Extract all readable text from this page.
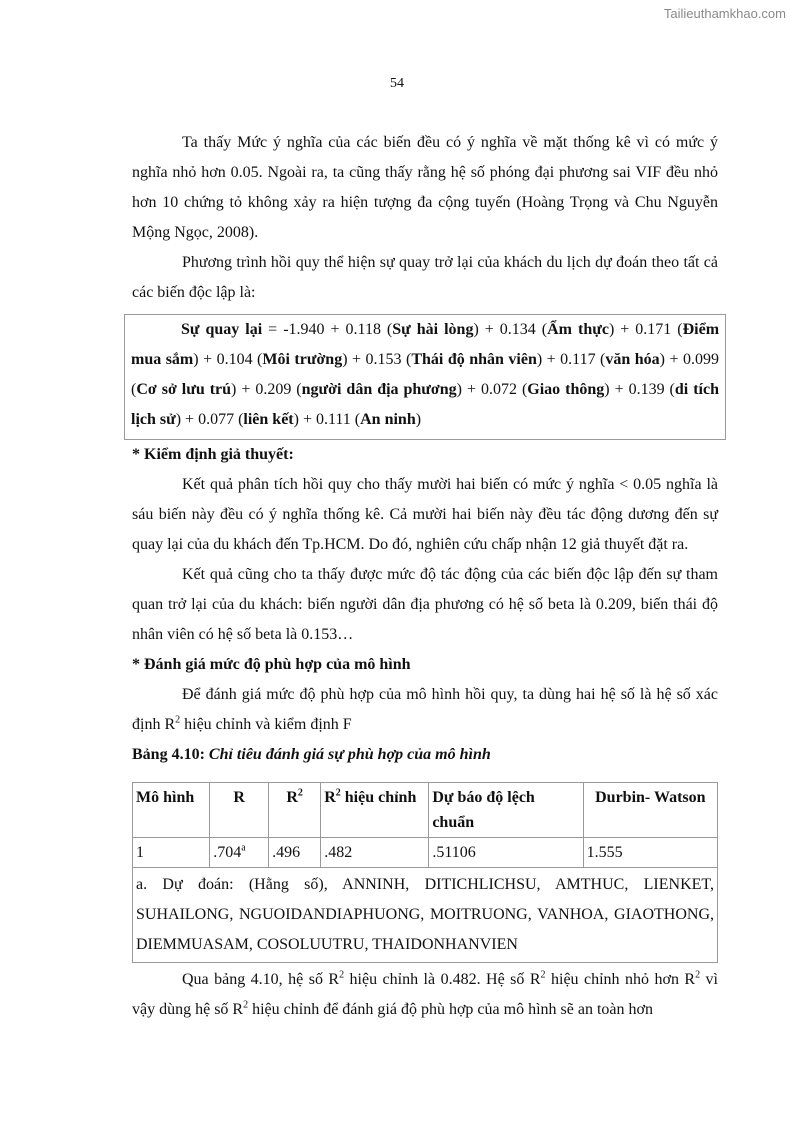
Tailieuthamkhao.com
54

Ta thấy Mức ý nghĩa của các biến đều có ý nghĩa về mặt thống kê vì có mức ý nghĩa nhỏ hơn 0.05. Ngoài ra, ta cũng thấy rằng hệ số phóng đại phương sai VIF đều nhỏ hơn 10 chứng tỏ không xảy ra hiện tượng đa cộng tuyến (Hoàng Trọng và Chu Nguyễn Mộng Ngọc, 2008).

Phương trình hồi quy thể hiện sự quay trở lại của khách du lịch dự đoán theo tất cả các biến độc lập là:

Sự quay lại = -1.940 + 0.118 (Sự hài lòng) + 0.134 (Ẩm thực) + 0.171 (Điểm mua sắm) + 0.104 (Môi trường) + 0.153 (Thái độ nhân viên) + 0.117 (văn hóa) + 0.099 (Cơ sở lưu trú) + 0.209 (người dân địa phương) + 0.072 (Giao thông) + 0.139 (di tích lịch sử) + 0.077 (liên kết) + 0.111 (An ninh)

* Kiểm định giả thuyết:

Kết quả phân tích hồi quy cho thấy mười hai biến có mức ý nghĩa < 0.05 nghĩa là sáu biến này đều có ý nghĩa thống kê. Cả mười hai biến này đều tác động dương đến sự quay lại của du khách đến Tp.HCM. Do đó, nghiên cứu chấp nhận 12 giả thuyết đặt ra.

Kết quả cũng cho ta thấy được mức độ tác động của các biến độc lập đến sự tham quan trở lại của du khách: biến người dân địa phương có hệ số beta là 0.209, biến thái độ nhân viên có hệ số beta là 0.153…

* Đánh giá mức độ phù hợp của mô hình

Để đánh giá mức độ phù hợp của mô hình hồi quy, ta dùng hai hệ số là hệ số xác định $R^2$ hiệu chỉnh và kiểm định F

Bảng 4.10: Chỉ tiêu đánh giá sự phù hợp của mô hình

Mô hình	R	$R^2$	$R^2$ hiệu chỉnh	Dự báo độ lệch chuẩn	Durbin- Watson
1	.704$^a$	.496	.482	.51106	1.555
a. Dự đoán: (Hằng số), ANNINH, DITICHLICHSU, AMTHUC, LIENKET, SUHAILONG, NGUOIDANDIAPHUONG, MOITRUONG, VANHOA, GIAOTHONG, DIEMMUASAM, COSOLUUTRU, THAIDONHANVIEN					

Qua bảng 4.10, hệ số $R^2$ hiệu chỉnh là 0.482. Hệ số $R^2$ hiệu chỉnh nhỏ hơn $R^2$ vì vậy dùng hệ số $R^2$ hiệu chỉnh để đánh giá độ phù hợp của mô hình sẽ an toàn hơn
